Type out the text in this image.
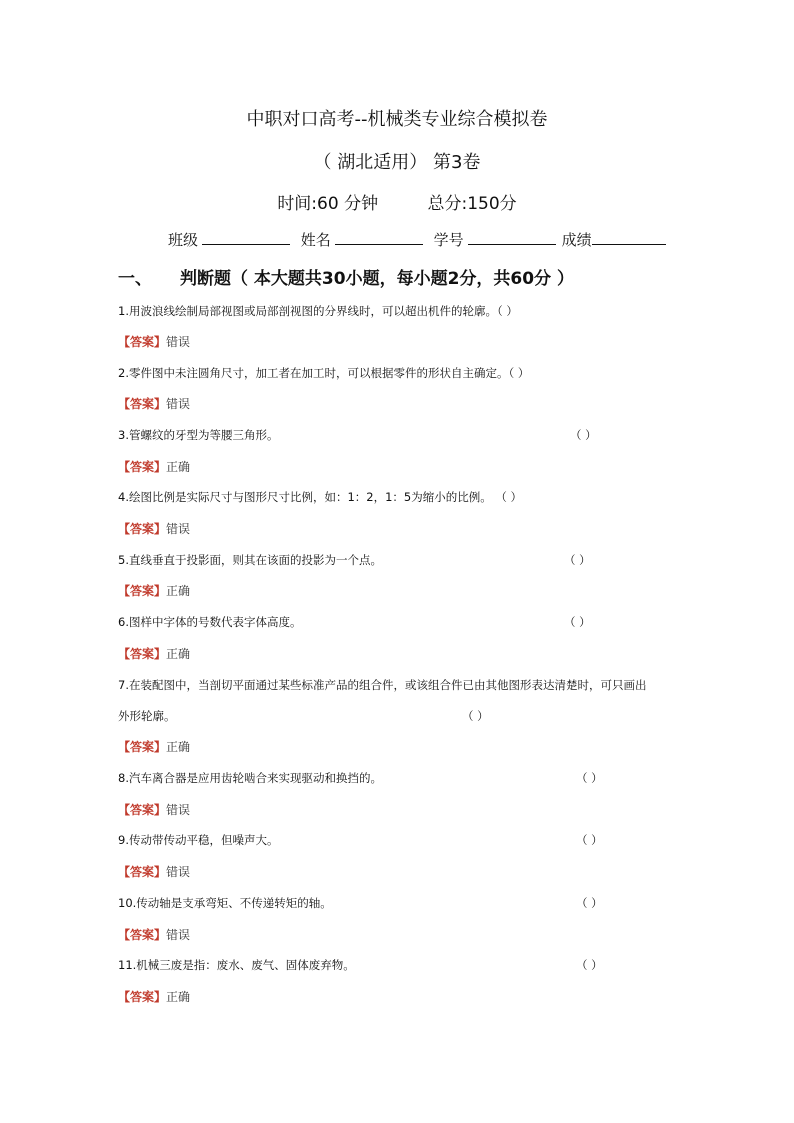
中职对口高考--机械类专业综合模拟卷
（ 湖北适用） 第3卷
时间:60 分钟	总分:150分
班级	姓名	学号	成绩
一、 判断题（ 本大题共30小题，每小题2分，共60分 ）
1.用波浪线绘制局部视图或局部剖视图的分界线时，可以超出机件的轮廓。（ ）
【答案】错误
2.零件图中未注圆角尺寸，加工者在加工时，可以根据零件的形状自主确定。（ ）
【答案】错误
3.管螺纹的牙型为等腰三角形。	（ ）
【答案】正确
4.绘图比例是实际尺寸与图形尺寸比例，如：1：2，1：5为缩小的比例。 （ ）
【答案】错误
5.直线垂直于投影面，则其在该面的投影为一个点。	（ ）
【答案】正确
6.图样中字体的号数代表字体高度。	（ ）
【答案】正确
7.在装配图中，当剖切平面通过某些标准产品的组合件，或该组合件已由其他图形表达清楚时，可只画出
外形轮廓。	（ ）
【答案】正确
8.汽车离合器是应用齿轮啮合来实现驱动和换挡的。	（ ）
【答案】错误
9.传动带传动平稳，但噪声大。	（ ）
【答案】错误
10.传动轴是支承弯矩、不传递转矩的轴。	（ ）
【答案】错误
11.机械三废是指：废水、废气、固体废弃物。	（ ）
【答案】正确
